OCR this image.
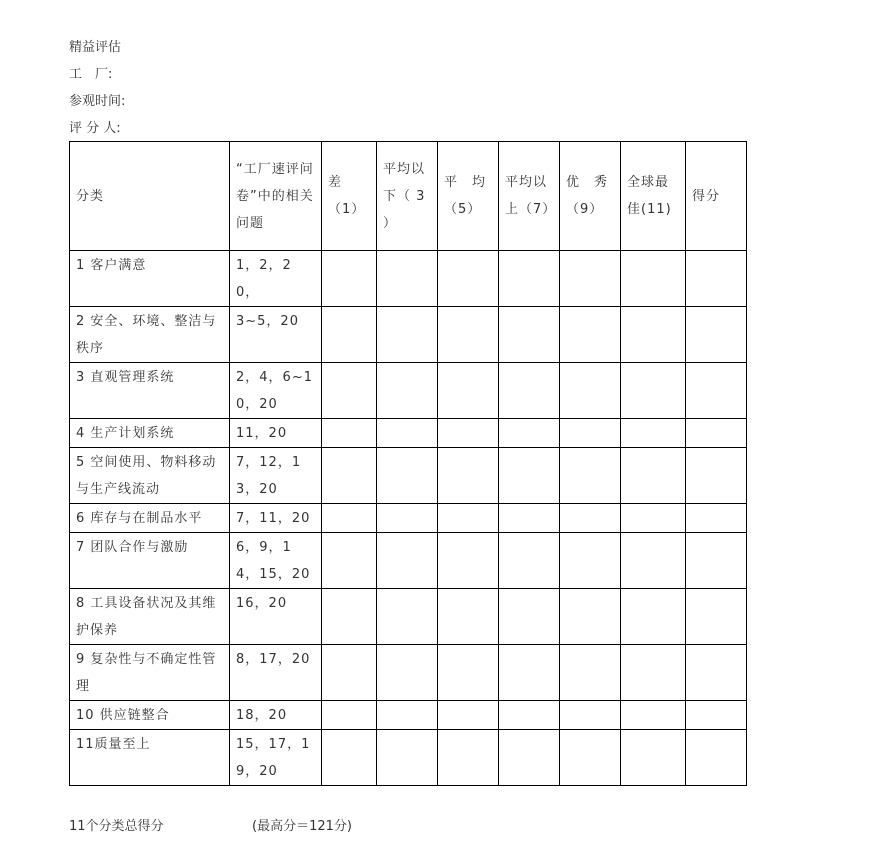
精益评估
工　厂:
参观时间:
评 分 人:
分类	“工厂速评问卷”中的相关问题	差（1）	平均以下（ 3 ）	平　均（5）	平均以上（7）	优　秀（9）	全球最佳(11)	得分
1 客户满意	1，2，20，							
2 安全、环境、整洁与秩序	3~5，20							
3 直观管理系统	2，4，6~10，20							
4 生产计划系统	11，20							
5 空间使用、物料移动与生产线流动	7，12，13，20							
6 库存与在制品水平	7，11，20							
7 团队合作与激励	6，9，14，15，20							
8 工具设备状况及其维护保养	16，20							
9 复杂性与不确定性管理	8，17，20							
10 供应链整合	18，20							
11质量至上	15，17，19，20							
11个分类总得分	(最高分＝121分)
